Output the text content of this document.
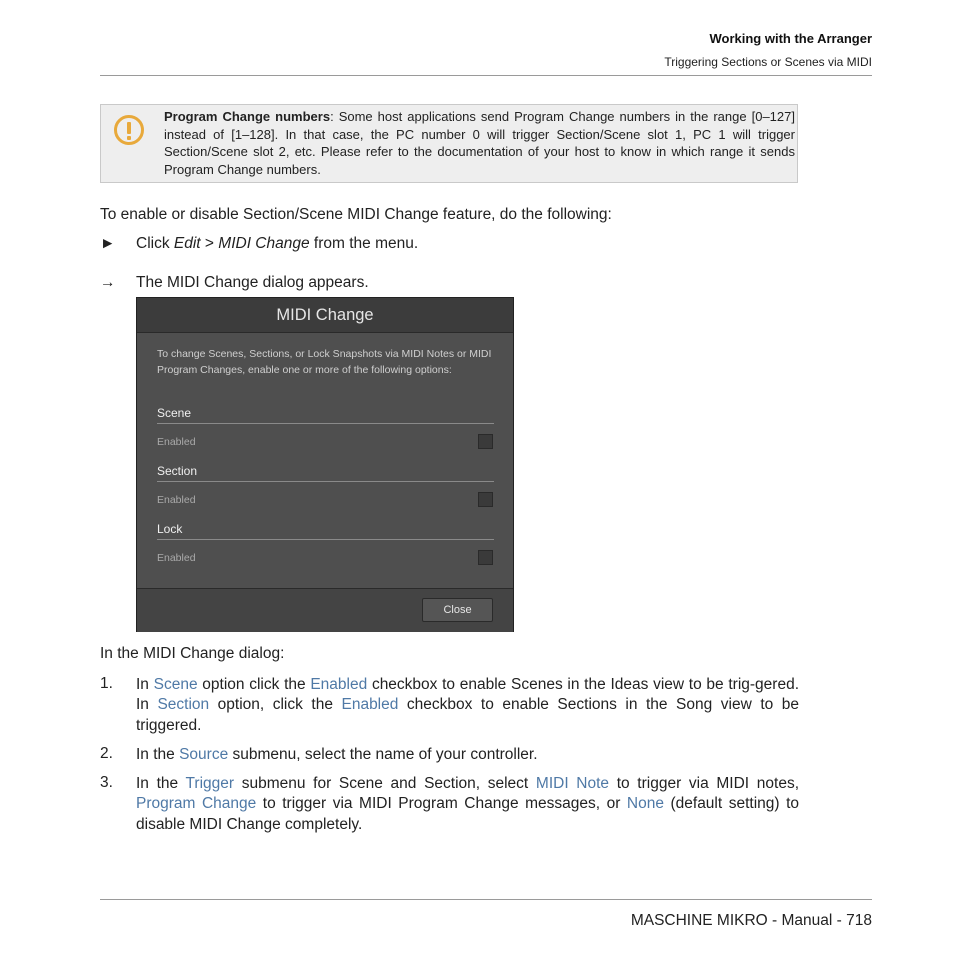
Working with the Arranger
Triggering Sections or Scenes via MIDI
Program Change numbers: Some host applications send Program Change numbers in the range [0–127] instead of [1–128]. In that case, the PC number 0 will trigger Section/Scene slot 1, PC 1 will trigger Section/Scene slot 2, etc. Please refer to the documentation of your host to know in which range it sends Program Change numbers.
To enable or disable Section/Scene MIDI Change feature, do the following:
► Click Edit > MIDI Change from the menu.
→ The MIDI Change dialog appears.
MIDI Change
To change Scenes, Sections, or Lock Snapshots via MIDI Notes or MIDI Program Changes, enable one or more of the following options:
Scene
Enabled
Section
Enabled
Lock
Enabled
Close
In the MIDI Change dialog:
1. In Scene option click the Enabled checkbox to enable Scenes in the Ideas view to be trig-gered. In Section option, click the Enabled checkbox to enable Sections in the Song view to be triggered.
2. In the Source submenu, select the name of your controller.
3. In the Trigger submenu for Scene and Section, select MIDI Note to trigger via MIDI notes, Program Change to trigger via MIDI Program Change messages, or None (default setting) to disable MIDI Change completely.
MASCHINE MIKRO - Manual - 718
